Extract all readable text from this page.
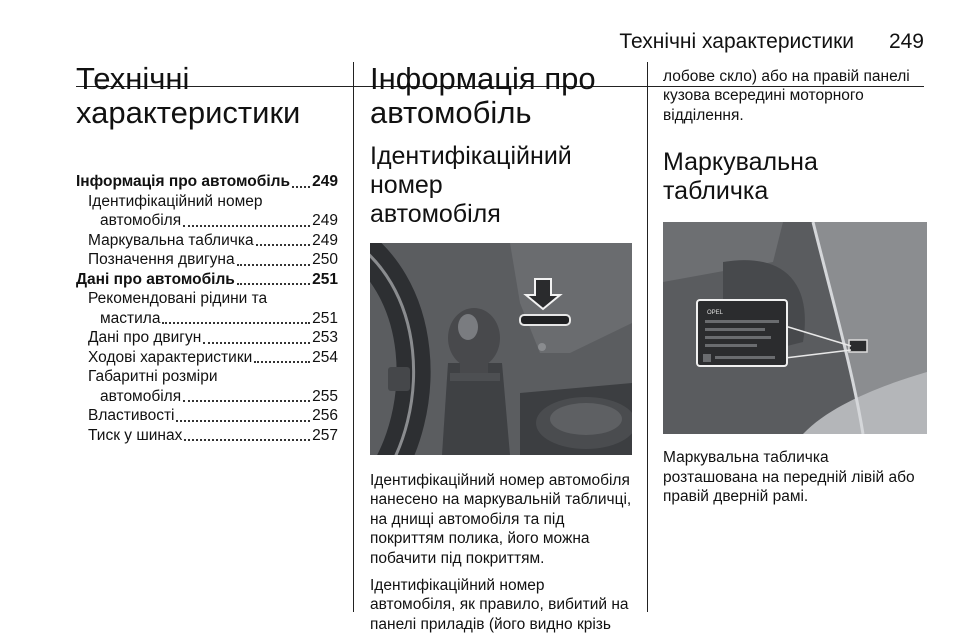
Технічні характеристики 249
Технічні
характеристики
Інформація про автомобіль 249
Ідентифікаційний номер
автомобіля	249
Маркувальна табличка	249
Позначення двигуна	250
Дані про автомобіль	251
Рекомендовані рідини та
мастила	251
Дані про двигун	253
Ходові характеристики	254
Габаритні розміри
автомобіля	255
Властивості	256
Тиск у шинах	257
Інформація про
автомобіль
Ідентифікаційний номер
автомобіля

Ідентифікаційний номер автомобіля нанесено на маркувальній табличці, на днищі автомобіля та під покриттям полика, його можна побачити під покриттям.

Ідентифікаційний номер автомобіля, як правило, вибитий на панелі приладів (його видно крізь

лобове скло) або на правій панелі кузова всередині моторного відділення.

Маркувальна табличка
OPEL

Маркувальна табличка розташована на передній лівій або правій дверній рамі.
